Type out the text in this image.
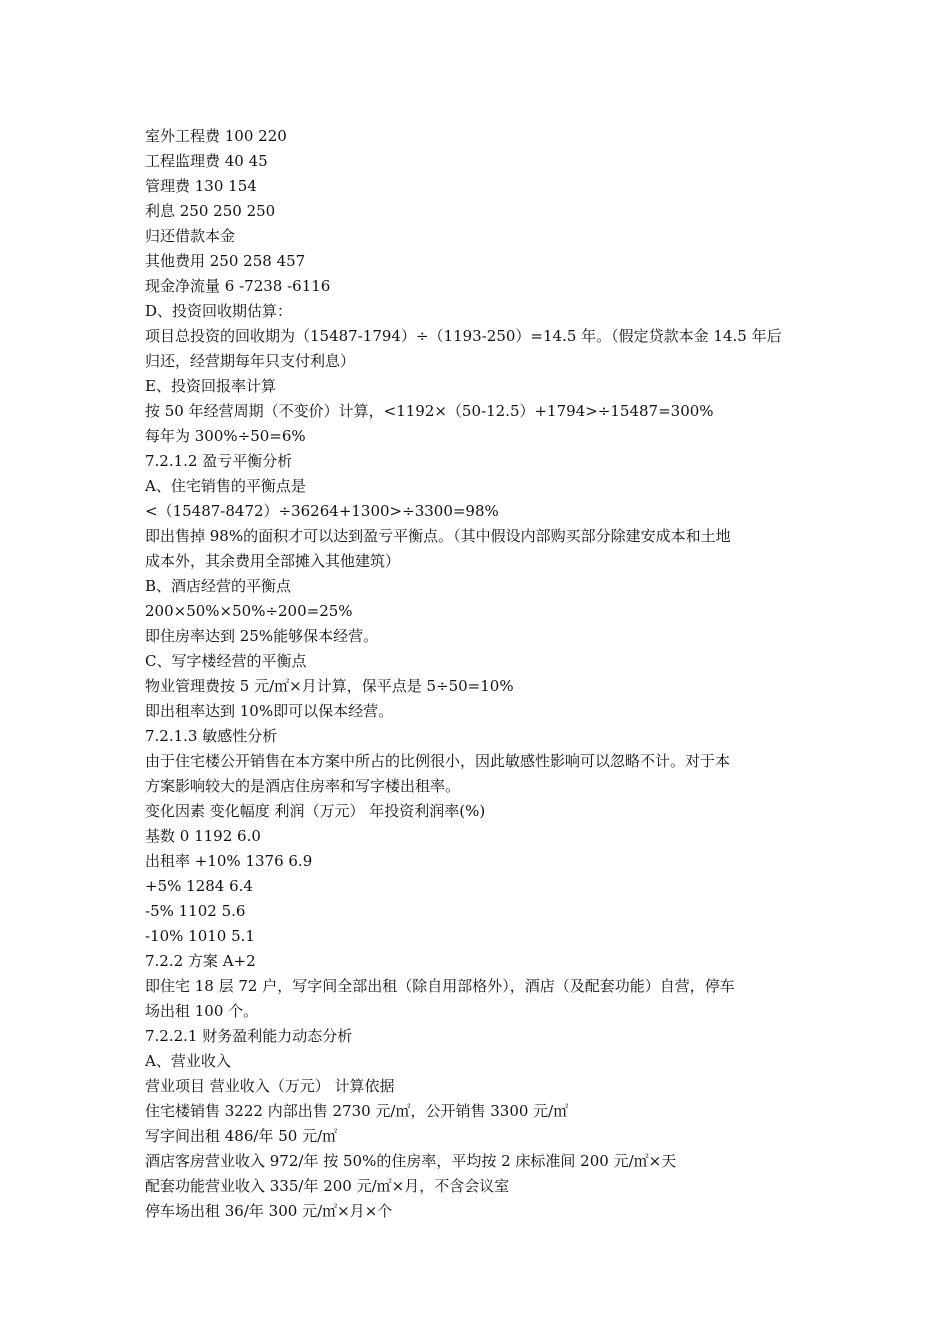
室外工程费 100 220
工程监理费 40 45
管理费 130 154
利息 250 250 250
归还借款本金
其他费用 250 258 457
现金净流量 6 -7238 -6116
D、投资回收期估算：
项目总投资的回收期为（15487-1794）÷（1193-250）=14.5 年。（假定贷款本金 14.5 年后
归还，经营期每年只支付利息）
E、投资回报率计算
按 50 年经营周期（不变价）计算，<1192×（50-12.5）+1794>÷15487=300%
每年为 300%÷50=6%
7.2.1.2 盈亏平衡分析
A、住宅销售的平衡点是
<（15487-8472）÷36264+1300>÷3300=98%
即出售掉 98%的面积才可以达到盈亏平衡点。（其中假设内部购买部分除建安成本和土地
成本外，其余费用全部摊入其他建筑）
B、酒店经营的平衡点
200×50%×50%÷200=25%
即住房率达到 25%能够保本经营。
C、写字楼经营的平衡点
物业管理费按 5 元/㎡×月计算，保平点是 5÷50=10%
即出租率达到 10%即可以保本经营。
7.2.1.3 敏感性分析
由于住宅楼公开销售在本方案中所占的比例很小，因此敏感性影响可以忽略不计。对于本
方案影响较大的是酒店住房率和写字楼出租率。
变化因素 变化幅度 利润（万元） 年投资利润率(%)
基数 0 1192 6.0
出租率 +10% 1376 6.9
+5% 1284 6.4
-5% 1102 5.6
-10% 1010 5.1
7.2.2 方案 A+2
即住宅 18 层 72 户，写字间全部出租（除自用部格外），酒店（及配套功能）自营，停车
场出租 100 个。
7.2.2.1 财务盈利能力动态分析
A、营业收入
营业项目 营业收入（万元） 计算依据
住宅楼销售 3222 内部出售 2730 元/㎡，公开销售 3300 元/㎡
写字间出租 486/年 50 元/㎡
酒店客房营业收入 972/年 按 50%的住房率，平均按 2 床标准间 200 元/㎡×天
配套功能营业收入 335/年 200 元/㎡×月，不含会议室
停车场出租 36/年 300 元/㎡×月×个
